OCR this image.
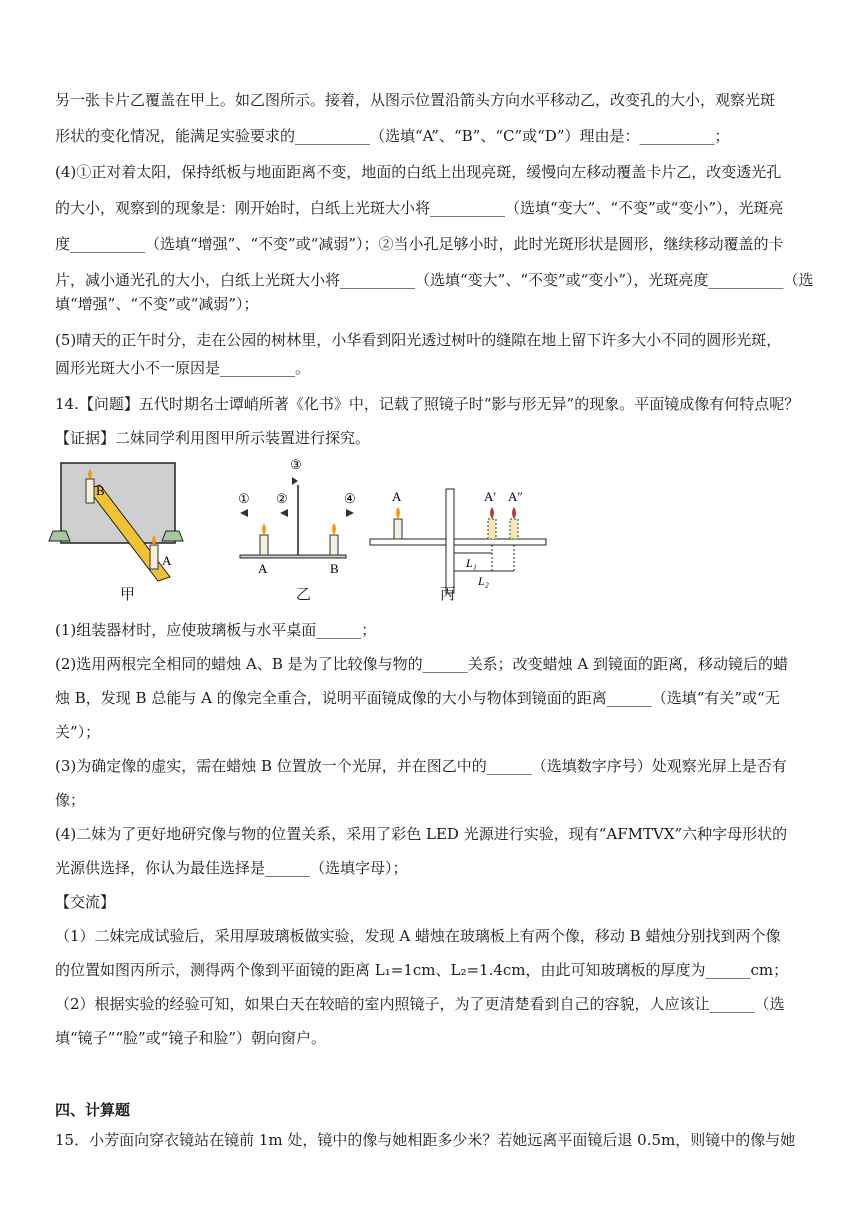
另一张卡片乙覆盖在甲上。如乙图所示。接着，从图示位置沿箭头方向水平移动乙，改变孔的大小，观察光斑
形状的变化情况，能满足实验要求的__________（选填“A”、“B”、“C”或“D”）理由是：__________；
(4)①正对着太阳，保持纸板与地面距离不变，地面的白纸上出现亮斑，缓慢向左移动覆盖卡片乙，改变透光孔
的大小，观察到的现象是：刚开始时，白纸上光斑大小将__________（选填“变大”、“不变”或“变小”），光斑亮
度__________（选填“增强”、“不变”或“减弱”）；②当小孔足够小时，此时光斑形状是圆形，继续移动覆盖的卡
片，减小通光孔的大小，白纸上光斑大小将__________（选填“变大”、“不变”或“变小”），光斑亮度__________（选
填“增强”、“不变”或“减弱”）；
(5)晴天的正午时分，走在公园的树林里，小华看到阳光透过树叶的缝隙在地上留下许多大小不同的圆形光斑，
圆形光斑大小不一原因是__________。
14.【问题】五代时期名士谭峭所著《化书》中，记载了照镜子时“影与形无异”的现象。平面镜成像有何特点呢？
【证据】二妹同学利用图甲所示装置进行探究。
B
A
A	B
① ②
③
④	A	A′ A″
L₁
L₂
甲	乙	丙
(1)组装器材时，应使玻璃板与水平桌面______；
(2)选用两根完全相同的蜡烛 A、B 是为了比较像与物的______关系；改变蜡烛 A 到镜面的距离，移动镜后的蜡
烛 B，发现 B 总能与 A 的像完全重合，说明平面镜成像的大小与物体到镜面的距离______（选填“有关”或“无
关”）；
(3)为确定像的虚实，需在蜡烛 B 位置放一个光屏，并在图乙中的______（选填数字序号）处观察光屏上是否有
像；
(4)二妹为了更好地研究像与物的位置关系，采用了彩色 LED 光源进行实验，现有“AFMTVX”六种字母形状的
光源供选择，你认为最佳选择是______（选填字母）；
【交流】
（1）二妹完成试验后，采用厚玻璃板做实验，发现 A 蜡烛在玻璃板上有两个像，移动 B 蜡烛分别找到两个像
的位置如图丙所示，测得两个像到平面镜的距离 L₁=1cm、L₂=1.4cm，由此可知玻璃板的厚度为______cm；
（2）根据实验的经验可知，如果白天在较暗的室内照镜子，为了更清楚看到自己的容貌，人应该让______（选
填“镜子”“脸”或“镜子和脸”）朝向窗户。
四、计算题
15．小芳面向穿衣镜站在镜前 1m 处，镜中的像与她相距多少米？若她远离平面镜后退 0.5m，则镜中的像与她
